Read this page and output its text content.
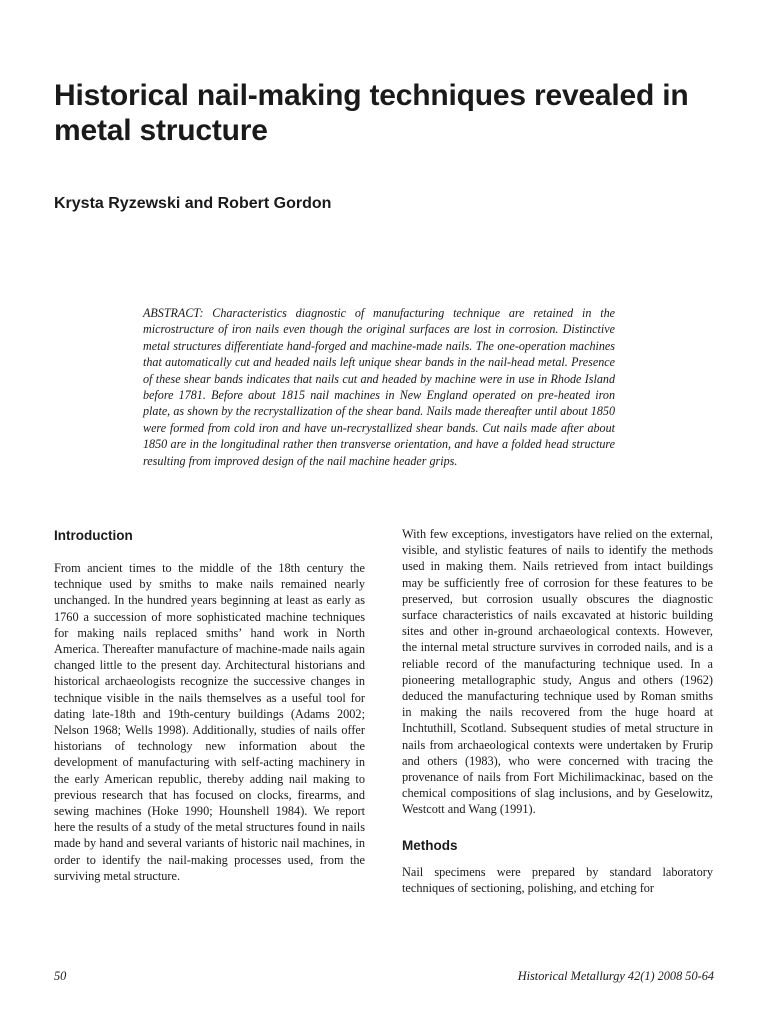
Historical nail-making techniques revealed in metal structure
Krysta Ryzewski and Robert Gordon

ABSTRACT: Characteristics diagnostic of manufacturing technique are retained in the microstructure of iron nails even though the original surfaces are lost in corrosion. Distinctive metal structures differentiate hand-forged and machine-made nails. The one-operation machines that automatically cut and headed nails left unique shear bands in the nail-head metal. Presence of these shear bands indicates that nails cut and headed by machine were in use in Rhode Island before 1781. Before about 1815 nail machines in New England operated on pre-heated iron plate, as shown by the recrystallization of the shear band. Nails made thereafter until about 1850 were formed from cold iron and have un-recrystallized shear bands. Cut nails made after about 1850 are in the longitudinal rather then transverse orientation, and have a folded head structure resulting from improved design of the nail machine header grips.

Introduction

From ancient times to the middle of the 18th century the technique used by smiths to make nails remained nearly unchanged. In the hundred years beginning at least as early as 1760 a succession of more sophisticated machine techniques for making nails replaced smiths’ hand work in North America. Thereafter manufacture of machine-made nails again changed little to the present day. Architectural historians and historical archaeologists recognize the successive changes in technique visible in the nails themselves as a useful tool for dating late-18th and 19th-century buildings (Adams 2002; Nelson 1968; Wells 1998). Additionally, studies of nails offer historians of technology new information about the development of manufacturing with self-acting machinery in the early American republic, thereby adding nail making to previous research that has focused on clocks, firearms, and sewing machines (Hoke 1990; Hounshell 1984). We report here the results of a study of the metal structures found in nails made by hand and several variants of historic nail machines, in order to identify the nail-making processes used, from the surviving metal structure.

With few exceptions, investigators have relied on the external, visible, and stylistic features of nails to identify the methods used in making them. Nails retrieved from intact buildings may be sufficiently free of corrosion for these features to be preserved, but corrosion usually obscures the diagnostic surface characteristics of nails excavated at historic building sites and other in-ground archaeological contexts. However, the internal metal structure survives in corroded nails, and is a reliable record of the manufacturing technique used. In a pioneering metallographic study, Angus and others (1962) deduced the manufacturing technique used by Roman smiths in making the nails recovered from the huge hoard at Inchtuthill, Scotland. Subsequent studies of metal structure in nails from archaeological contexts were undertaken by Frurip and others (1983), who were concerned with tracing the provenance of nails from Fort Michilimackinac, based on the chemical compositions of slag inclusions, and by Geselowitz, Westcott and Wang (1991).

Methods

Nail specimens were prepared by standard laboratory techniques of sectioning, polishing, and etching for

50	Historical Metallurgy 42(1) 2008 50-64
